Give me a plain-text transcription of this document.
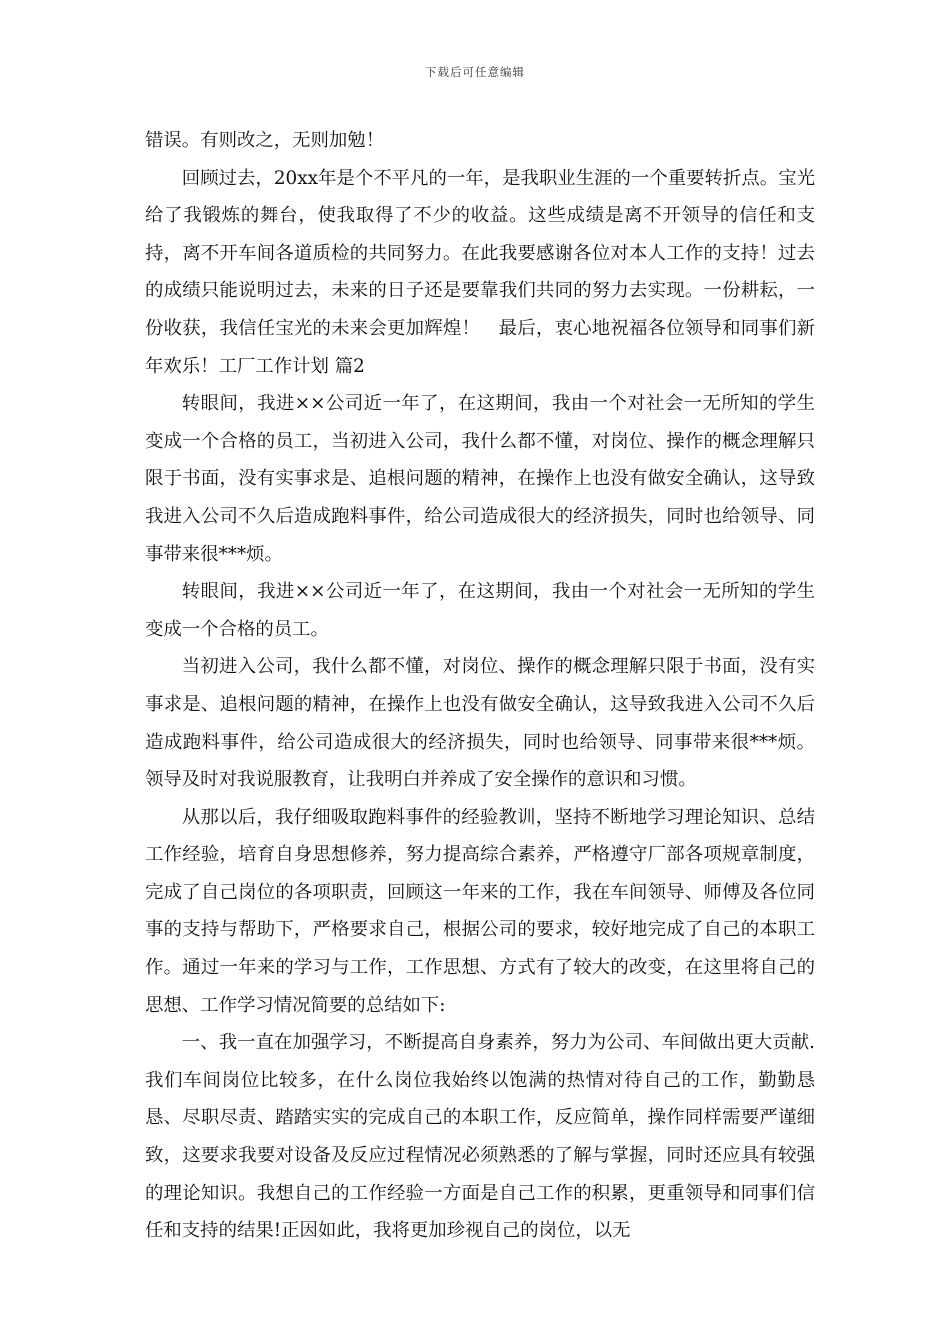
下载后可任意编辑

错误。有则改之，无则加勉！

回顾过去，20xx年是个不平凡的一年，是我职业生涯的一个重要转折点。宝光给了我锻炼的舞台，使我取得了不少的收益。这些成绩是离不开领导的信任和支持，离不开车间各道质检的共同努力。在此我要感谢各位对本人工作的支持！过去的成绩只能说明过去，未来的日子还是要靠我们共同的努力去实现。一份耕耘，一份收获，我信任宝光的未来会更加辉煌！　最后，衷心地祝福各位领导和同事们新年欢乐！工厂工作计划 篇2

转眼间，我进××公司近一年了，在这期间，我由一个对社会一无所知的学生变成一个合格的员工，当初进入公司，我什么都不懂，对岗位、操作的概念理解只限于书面，没有实事求是、追根问题的精神，在操作上也没有做安全确认，这导致我进入公司不久后造成跑料事件，给公司造成很大的经济损失，同时也给领导、同事带来很***烦。

转眼间，我进××公司近一年了，在这期间，我由一个对社会一无所知的学生变成一个合格的员工。

当初进入公司，我什么都不懂，对岗位、操作的概念理解只限于书面，没有实事求是、追根问题的精神，在操作上也没有做安全确认，这导致我进入公司不久后造成跑料事件，给公司造成很大的经济损失，同时也给领导、同事带来很***烦。领导及时对我说服教育，让我明白并养成了安全操作的意识和习惯。

从那以后，我仔细吸取跑料事件的经验教训，坚持不断地学习理论知识、总结工作经验，培育自身思想修养，努力提高综合素养，严格遵守厂部各项规章制度，完成了自己岗位的各项职责，回顾这一年来的工作，我在车间领导、师傅及各位同事的支持与帮助下，严格要求自己，根据公司的要求，较好地完成了自己的本职工作。通过一年来的学习与工作，工作思想、方式有了较大的改变，在这里将自己的思想、工作学习情况简要的总结如下:

一、我一直在加强学习，不断提高自身素养，努力为公司、车间做出更大贡献.我们车间岗位比较多，在什么岗位我始终以饱满的热情对待自己的工作，勤勤恳恳、尽职尽责、踏踏实实的完成自己的本职工作，反应简单，操作同样需要严谨细致，这要求我要对设备及反应过程情况必须熟悉的了解与掌握，同时还应具有较强的理论知识。我想自己的工作经验一方面是自己工作的积累，更重领导和同事们信任和支持的结果!正因如此，我将更加珍视自己的岗位，以无
